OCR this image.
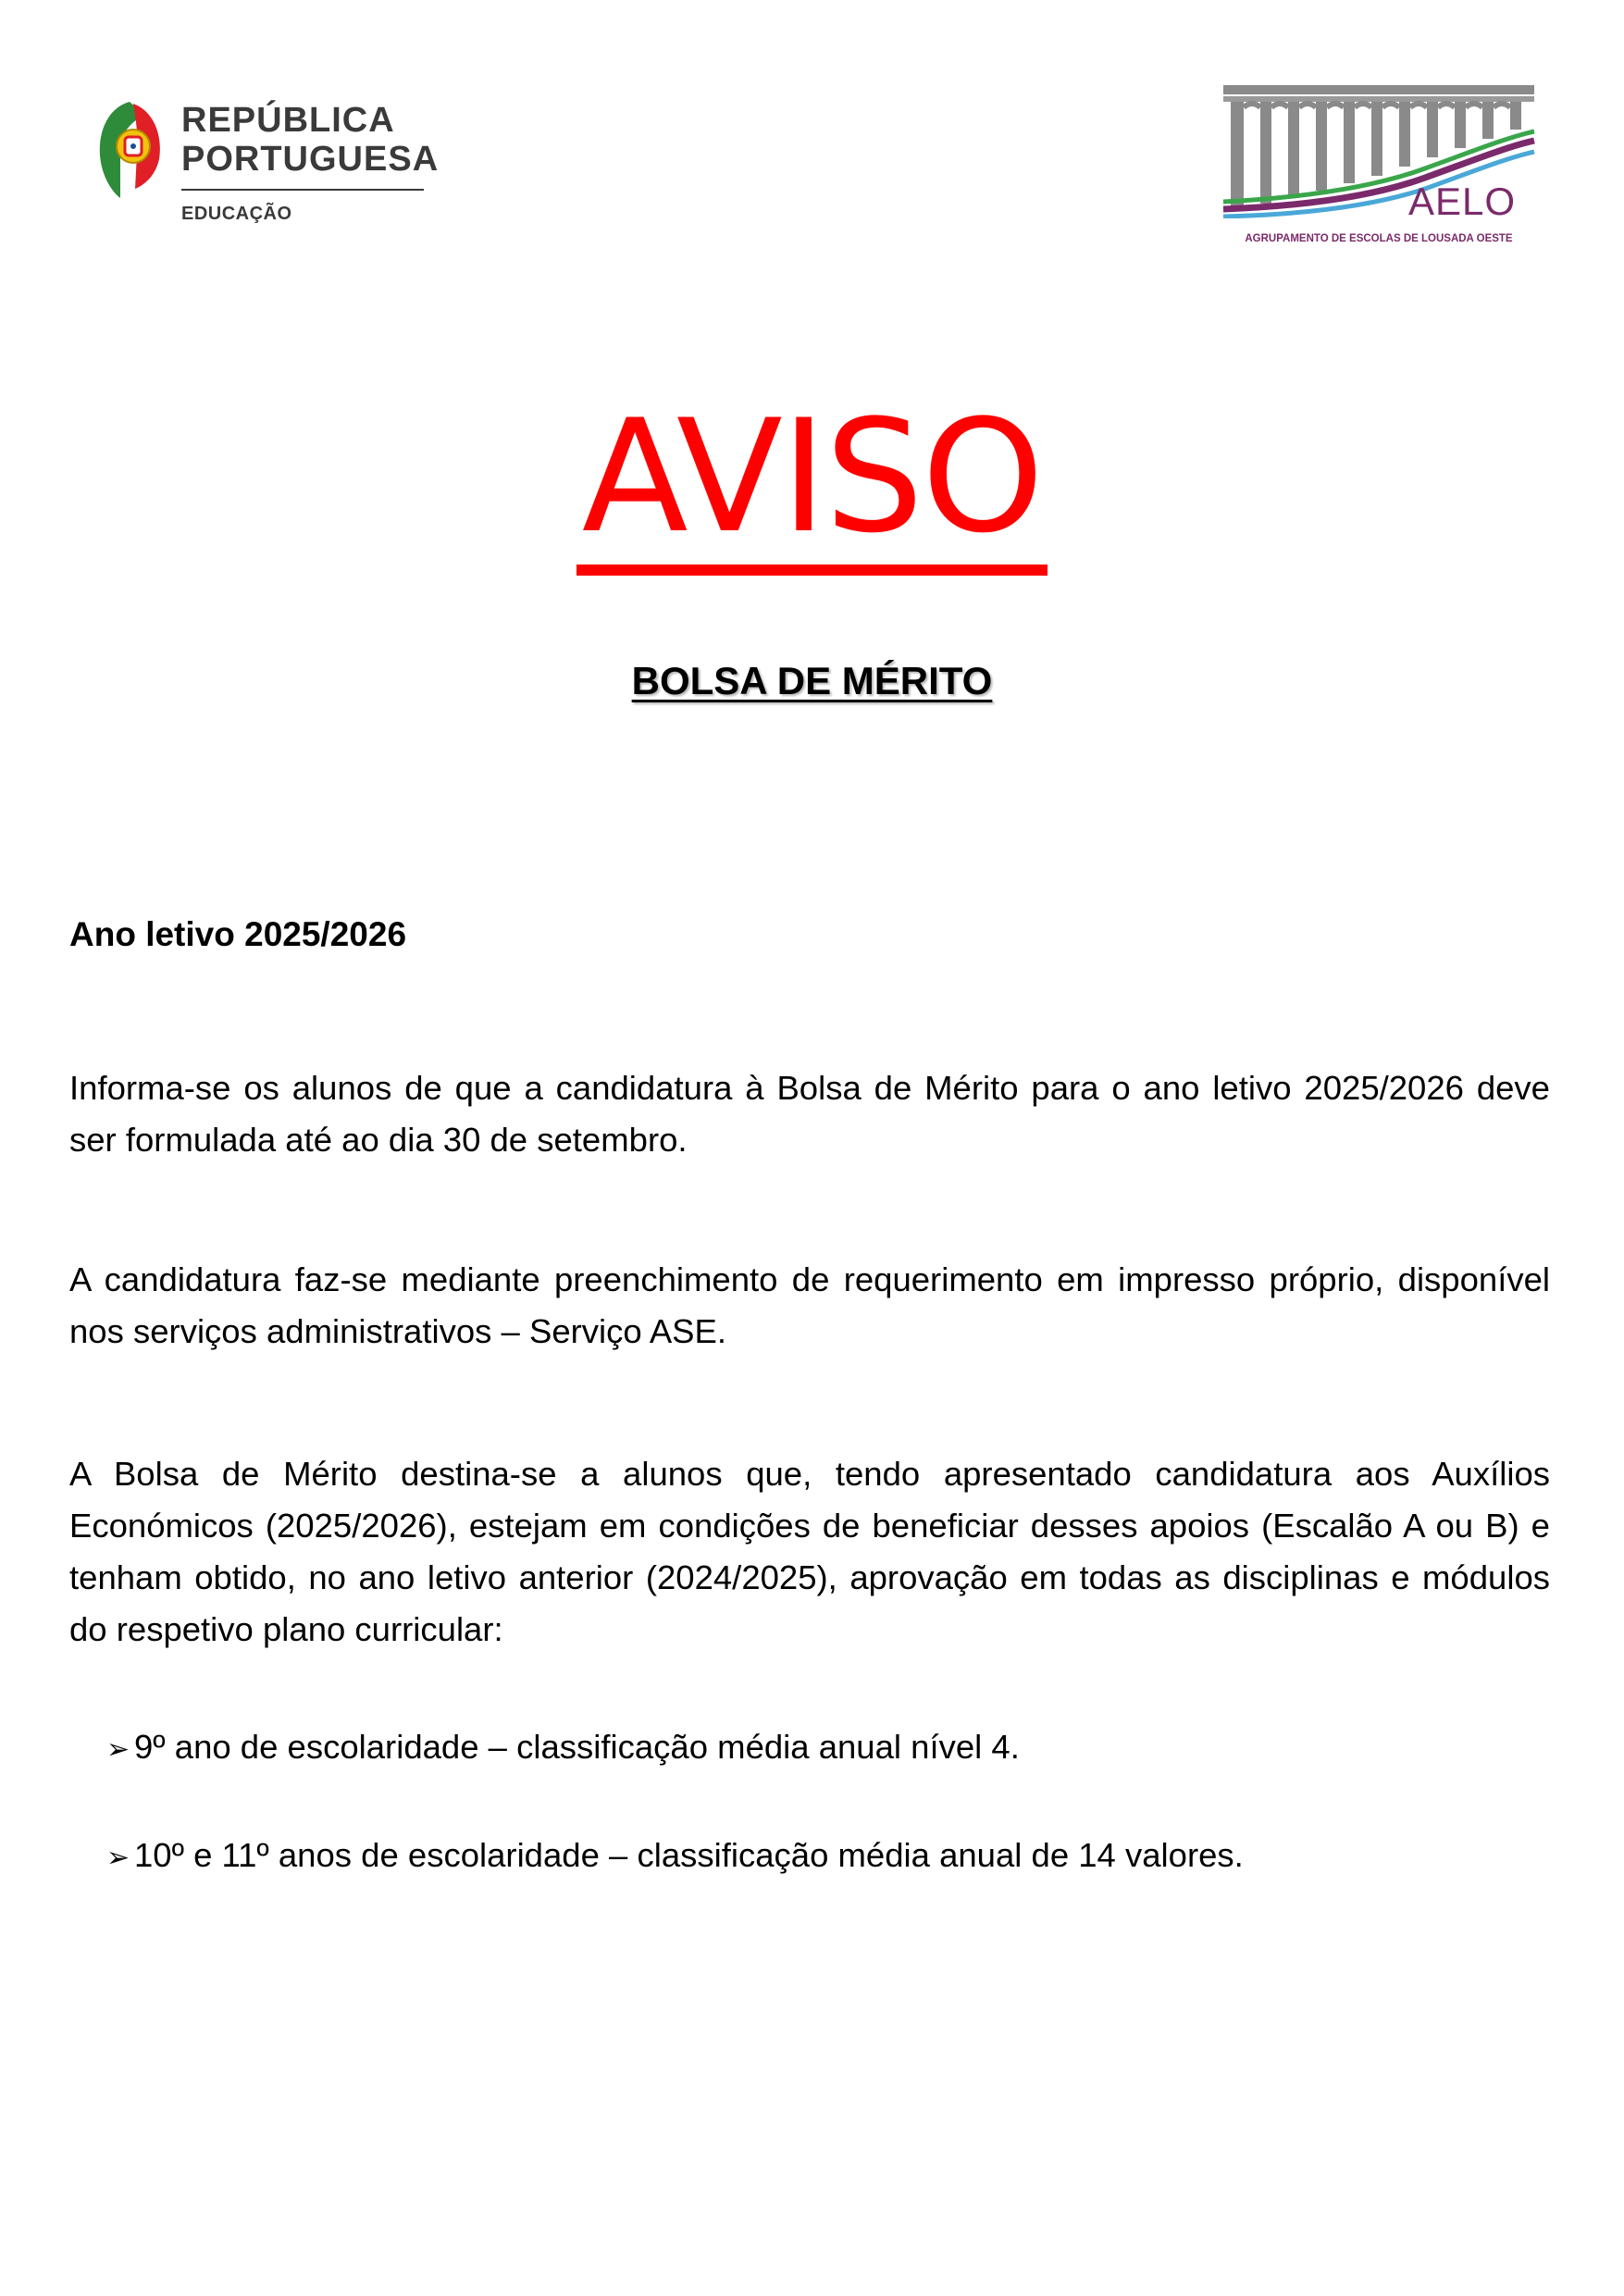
REPÚBLICA
PORTUGUESA
EDUCAÇÃO	AELO
AGRUPAMENTO DE ESCOLAS DE LOUSADA OESTE
AVISO
BOLSA DE MÉRITO
Ano letivo 2025/2026
Informa-se os alunos de que a candidatura à Bolsa de Mérito para o ano letivo 2025/2026 deve ser formulada até ao dia 30 de setembro.
A candidatura faz-se mediante preenchimento de requerimento em impresso próprio, disponível nos serviços administrativos – Serviço ASE.
A Bolsa de Mérito destina-se a alunos que, tendo apresentado candidatura aos Auxílios Económicos (2025/2026), estejam em condições de beneficiar desses apoios (Escalão A ou B) e tenham obtido, no ano letivo anterior (2024/2025), aprovação em todas as disciplinas e módulos do respetivo plano curricular:
➢ 9º ano de escolaridade – classificação média anual nível 4.
➢ 10º e 11º anos de escolaridade – classificação média anual de 14 valores.
